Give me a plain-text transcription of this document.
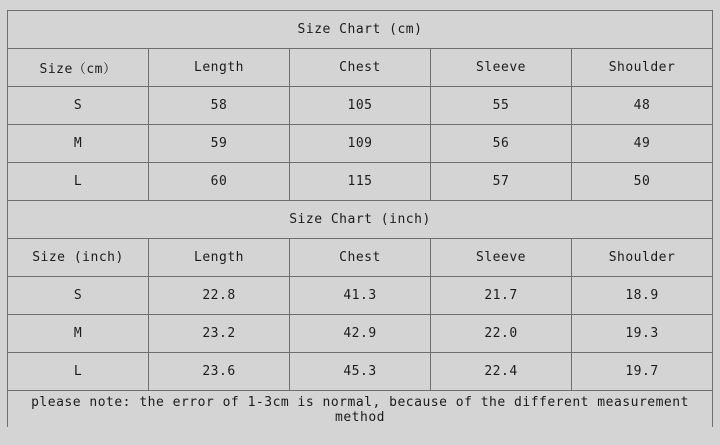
Size Chart (cm)				
Size（cm）	Length	Chest	Sleeve	Shoulder
S	58	105	55	48
M	59	109	56	49
L	60	115	57	50
Size Chart (inch)				
Size (inch)	Length	Chest	Sleeve	Shoulder
S	22.8	41.3	21.7	18.9
M	23.2	42.9	22.0	19.3
L	23.6	45.3	22.4	19.7
please note: the error of 1-3cm is normal, because of the different measurement method				
